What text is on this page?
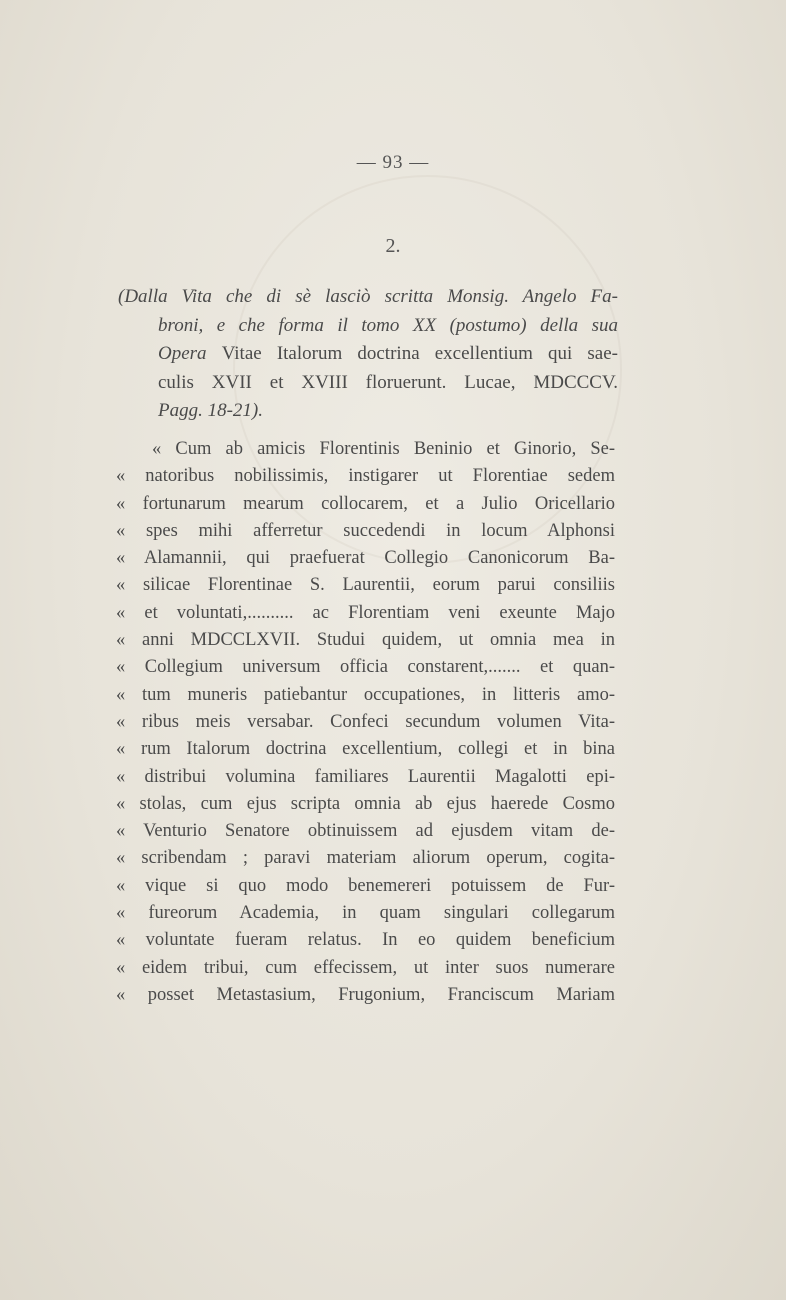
— 93 —
2.
(Dalla Vita che di sè lasciò scritta Monsig. Angelo Fa-
broni, e che forma il tomo XX (postumo) della sua
Opera Vitae Italorum doctrina excellentium qui sae-
culis XVII et XVIII floruerunt. Lucae, MDCCCV.
Pagg. 18-21).
« Cum ab amicis Florentinis Beninio et Ginorio, Se-
« natoribus nobilissimis, instigarer ut Florentiae sedem
« fortunarum mearum collocarem, et a Julio Oricellario
« spes mihi afferretur succedendi in locum Alphonsi
« Alamannii, qui praefuerat Collegio Canonicorum Ba-
« silicae Florentinae S. Laurentii, eorum parui consiliis
« et voluntati,.......... ac Florentiam veni exeunte Majo
« anni MDCCLXVII. Studui quidem, ut omnia mea in
« Collegium universum officia constarent,....... et quan-
« tum muneris patiebantur occupationes, in litteris amo-
« ribus meis versabar. Confeci secundum volumen Vita-
« rum Italorum doctrina excellentium, collegi et in bina
« distribui volumina familiares Laurentii Magalotti epi-
« stolas, cum ejus scripta omnia ab ejus haerede Cosmo
« Venturio Senatore obtinuissem ad ejusdem vitam de-
« scribendam ; paravi materiam aliorum operum, cogita-
« vique si quo modo benemereri potuissem de Fur-
« fureorum Academia, in quam singulari collegarum
« voluntate fueram relatus. In eo quidem beneficium
« eidem tribui, cum effecissem, ut inter suos numerare
« posset Metastasium, Frugonium, Franciscum Mariam
